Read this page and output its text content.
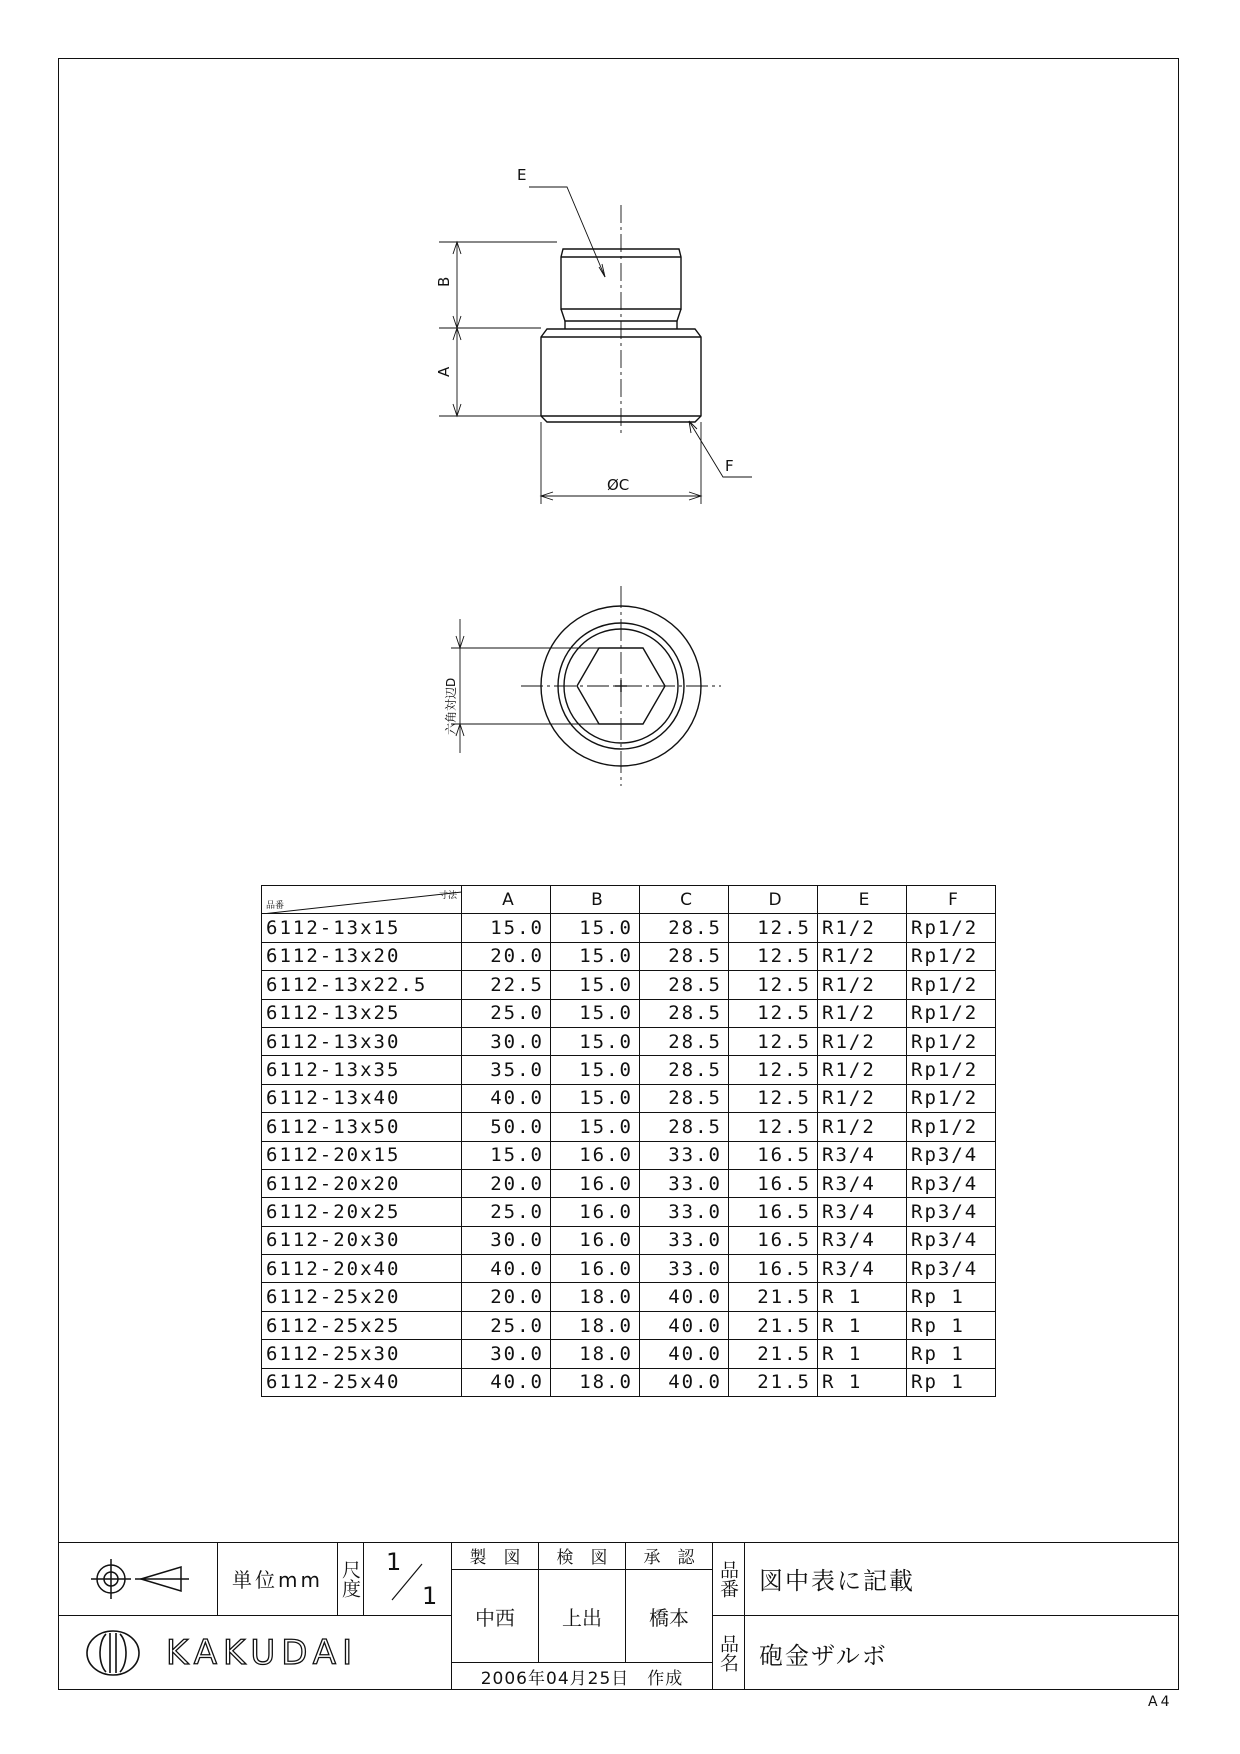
E
B
A
F
ØC
六角対辺D
寸法
品番	A	B	C	D	E	F
6112-13x15	15.0	15.0	28.5	12.5	R1/2	Rp1/2
6112-13x20	20.0	15.0	28.5	12.5	R1/2	Rp1/2
6112-13x22.5	22.5	15.0	28.5	12.5	R1/2	Rp1/2
6112-13x25	25.0	15.0	28.5	12.5	R1/2	Rp1/2
6112-13x30	30.0	15.0	28.5	12.5	R1/2	Rp1/2
6112-13x35	35.0	15.0	28.5	12.5	R1/2	Rp1/2
6112-13x40	40.0	15.0	28.5	12.5	R1/2	Rp1/2
6112-13x50	50.0	15.0	28.5	12.5	R1/2	Rp1/2
6112-20x15	15.0	16.0	33.0	16.5	R3/4	Rp3/4
6112-20x20	20.0	16.0	33.0	16.5	R3/4	Rp3/4
6112-20x25	25.0	16.0	33.0	16.5	R3/4	Rp3/4
6112-20x30	30.0	16.0	33.0	16.5	R3/4	Rp3/4
6112-20x40	40.0	16.0	33.0	16.5	R3/4	Rp3/4
6112-25x20	20.0	18.0	40.0	21.5	R 1	Rp 1
6112-25x25	25.0	18.0	40.0	21.5	R 1	Rp 1
6112-25x30	30.0	18.0	40.0	21.5	R 1	Rp 1
6112-25x40	40.0	18.0	40.0	21.5	R 1	Rp 1
単位mm 尺度 1
1
製　図	検　図	承　認
中西	上出	橋本
2006年04月25日　作成
KAKUDAI
品番 図中表に記載
品名 砲金ザルボ
A4
